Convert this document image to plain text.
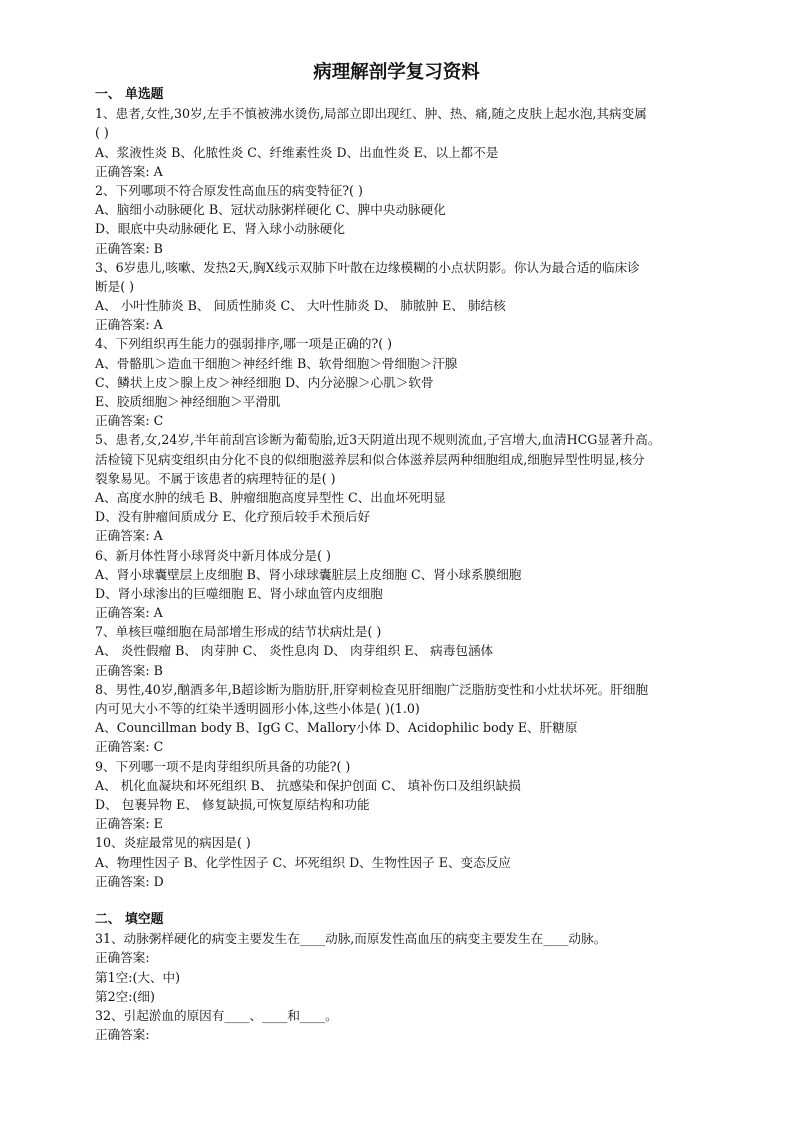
病理解剖学复习资料
一、 单选题
1、患者,女性,30岁,左手不慎被沸水烫伤,局部立即出现红、肿、热、痛,随之皮肤上起水泡,其病变属
( )
A、浆液性炎 B、化脓性炎 C、纤维素性炎 D、出血性炎 E、以上都不是
正确答案: A
2、下列哪项不符合原发性高血压的病变特征?( )
A、脑细小动脉硬化 B、冠状动脉粥样硬化 C、脾中央动脉硬化
D、眼底中央动脉硬化 E、肾入球小动脉硬化
正确答案: B
3、6岁患儿,咳嗽、发热2天,胸X线示双肺下叶散在边缘模糊的小点状阴影。你认为最合适的临床诊
断是( )
A、 小叶性肺炎 B、 间质性肺炎 C、 大叶性肺炎 D、 肺脓肿 E、 肺结核
正确答案: A
4、下列组织再生能力的强弱排序,哪一项是正确的?( )
A、骨骼肌＞造血干细胞＞神经纤维 B、软骨细胞＞骨细胞＞汗腺
C、鳞状上皮＞腺上皮＞神经细胞 D、内分泌腺＞心肌＞软骨
E、胶质细胞＞神经细胞＞平滑肌
正确答案: C
5、患者,女,24岁,半年前刮宫诊断为葡萄胎,近3天阴道出现不规则流血,子宫增大,血清HCG显著升高。
活检镜下见病变组织由分化不良的似细胞滋养层和似合体滋养层两种细胞组成,细胞异型性明显,核分
裂象易见。不属于该患者的病理特征的是( )
A、高度水肿的绒毛 B、肿瘤细胞高度异型性 C、出血坏死明显
D、没有肿瘤间质成分 E、化疗预后较手术预后好
正确答案: A
6、新月体性肾小球肾炎中新月体成分是( )
A、肾小球囊壁层上皮细胞 B、肾小球球囊脏层上皮细胞 C、肾小球系膜细胞
D、肾小球渗出的巨噬细胞 E、肾小球血管内皮细胞
正确答案: A
7、单核巨噬细胞在局部增生形成的结节状病灶是( )
A、 炎性假瘤 B、 肉芽肿 C、 炎性息肉 D、 肉芽组织 E、 病毒包涵体
正确答案: B
8、男性,40岁,酗酒多年,B超诊断为脂肪肝,肝穿刺检查见肝细胞广泛脂肪变性和小灶状坏死。肝细胞
内可见大小不等的红染半透明圆形小体,这些小体是( )(1.0)
A、Councillman body B、IgG C、Mallory小体 D、Acidophilic body E、肝糖原
正确答案: C
9、下列哪一项不是肉芽组织所具备的功能?( )
A、 机化血凝块和坏死组织 B、 抗感染和保护创面 C、 填补伤口及组织缺损
D、 包裹异物 E、 修复缺损,可恢复原结构和功能
正确答案: E
10、炎症最常见的病因是( )
A、物理性因子 B、化学性因子 C、坏死组织 D、生物性因子 E、变态反应
正确答案: D
二、 填空题
31、动脉粥样硬化的病变主要发生在____动脉,而原发性高血压的病变主要发生在____动脉。
正确答案:
第1空:(大、中)
第2空:(细)
32、引起淤血的原因有____、____和____。
正确答案:
